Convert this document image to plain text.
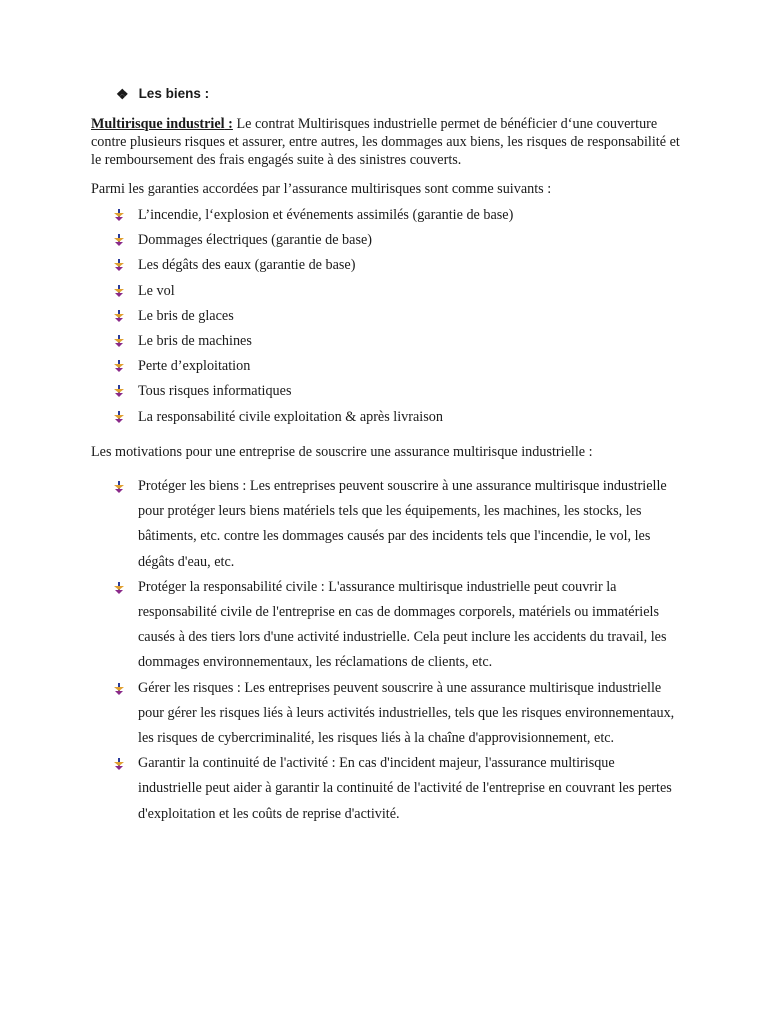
❖ Les biens :

Multirisque industriel : Le contrat Multirisques industrielle permet de bénéficier d‘une couverture contre plusieurs risques et assurer, entre autres, les dommages aux biens, les risques de responsabilité et le remboursement des frais engagés suite à des sinistres couverts.

Parmi les garanties accordées par l’assurance multirisques sont comme suivants :

L’incendie, l‘explosion et événements assimilés (garantie de base)
Dommages électriques (garantie de base)
Les dégâts des eaux (garantie de base)
Le vol
Le bris de glaces
Le bris de machines
Perte d’exploitation
Tous risques informatiques
La responsabilité civile exploitation & après livraison

Les motivations pour une entreprise de souscrire une assurance multirisque industrielle :

Protéger les biens : Les entreprises peuvent souscrire à une assurance multirisque industrielle pour protéger leurs biens matériels tels que les équipements, les machines, les stocks, les bâtiments, etc. contre les dommages causés par des incidents tels que l'incendie, le vol, les dégâts d'eau, etc.
Protéger la responsabilité civile : L'assurance multirisque industrielle peut couvrir la responsabilité civile de l'entreprise en cas de dommages corporels, matériels ou immatériels causés à des tiers lors d'une activité industrielle. Cela peut inclure les accidents du travail, les dommages environnementaux, les réclamations de clients, etc.
Gérer les risques : Les entreprises peuvent souscrire à une assurance multirisque industrielle pour gérer les risques liés à leurs activités industrielles, tels que les risques environnementaux, les risques de cybercriminalité, les risques liés à la chaîne d'approvisionnement, etc.
Garantir la continuité de l'activité : En cas d'incident majeur, l'assurance multirisque industrielle peut aider à garantir la continuité de l'activité de l'entreprise en couvrant les pertes d'exploitation et les coûts de reprise d'activité.
